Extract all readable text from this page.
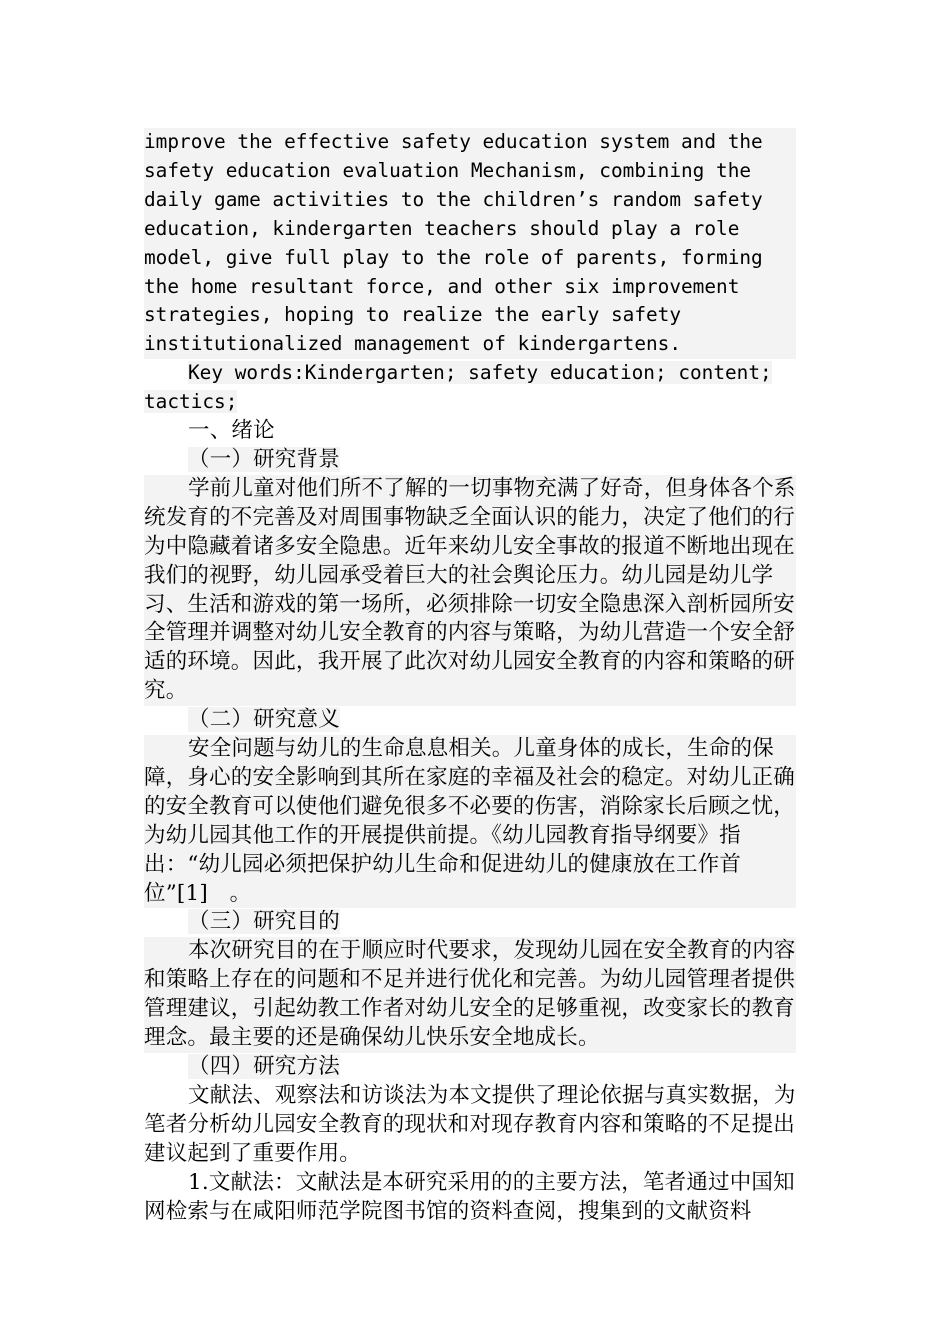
improve the effective safety education system and the safety education evaluation Mechanism, combining the daily game activities to the children’s random safety education, kindergarten teachers should play a role model, give full play to the role of parents, forming the home resultant force, and other six improvement strategies, hoping to realize the early safety institutionalized management of kindergartens.

Key words:Kindergarten; safety education; content; tactics;

一、绪论

（一）研究背景

学前儿童对他们所不了解的一切事物充满了好奇，但身体各个系统发育的不完善及对周围事物缺乏全面认识的能力，决定了他们的行为中隐藏着诸多安全隐患。近年来幼儿安全事故的报道不断地出现在我们的视野，幼儿园承受着巨大的社会舆论压力。幼儿园是幼儿学习、生活和游戏的第一场所，必须排除一切安全隐患深入剖析园所安全管理并调整对幼儿安全教育的内容与策略，为幼儿营造一个安全舒适的环境。因此，我开展了此次对幼儿园安全教育的内容和策略的研究。

（二）研究意义

安全问题与幼儿的生命息息相关。儿童身体的成长，生命的保障，身心的安全影响到其所在家庭的幸福及社会的稳定。对幼儿正确的安全教育可以使他们避免很多不必要的伤害，消除家长后顾之忧，为幼儿园其他工作的开展提供前提。《幼儿园教育指导纲要》指出：“幼儿园必须把保护幼儿生命和促进幼儿的健康放在工作首位”[1]　。

（三）研究目的

本次研究目的在于顺应时代要求，发现幼儿园在安全教育的内容和策略上存在的问题和不足并进行优化和完善。为幼儿园管理者提供管理建议，引起幼教工作者对幼儿安全的足够重视，改变家长的教育理念。最主要的还是确保幼儿快乐安全地成长。

（四）研究方法

文献法、观察法和访谈法为本文提供了理论依据与真实数据，为笔者分析幼儿园安全教育的现状和对现存教育内容和策略的不足提出建议起到了重要作用。

1.文献法：文献法是本研究采用的的主要方法，笔者通过中国知网检索与在咸阳师范学院图书馆的资料查阅，搜集到的文献资料
